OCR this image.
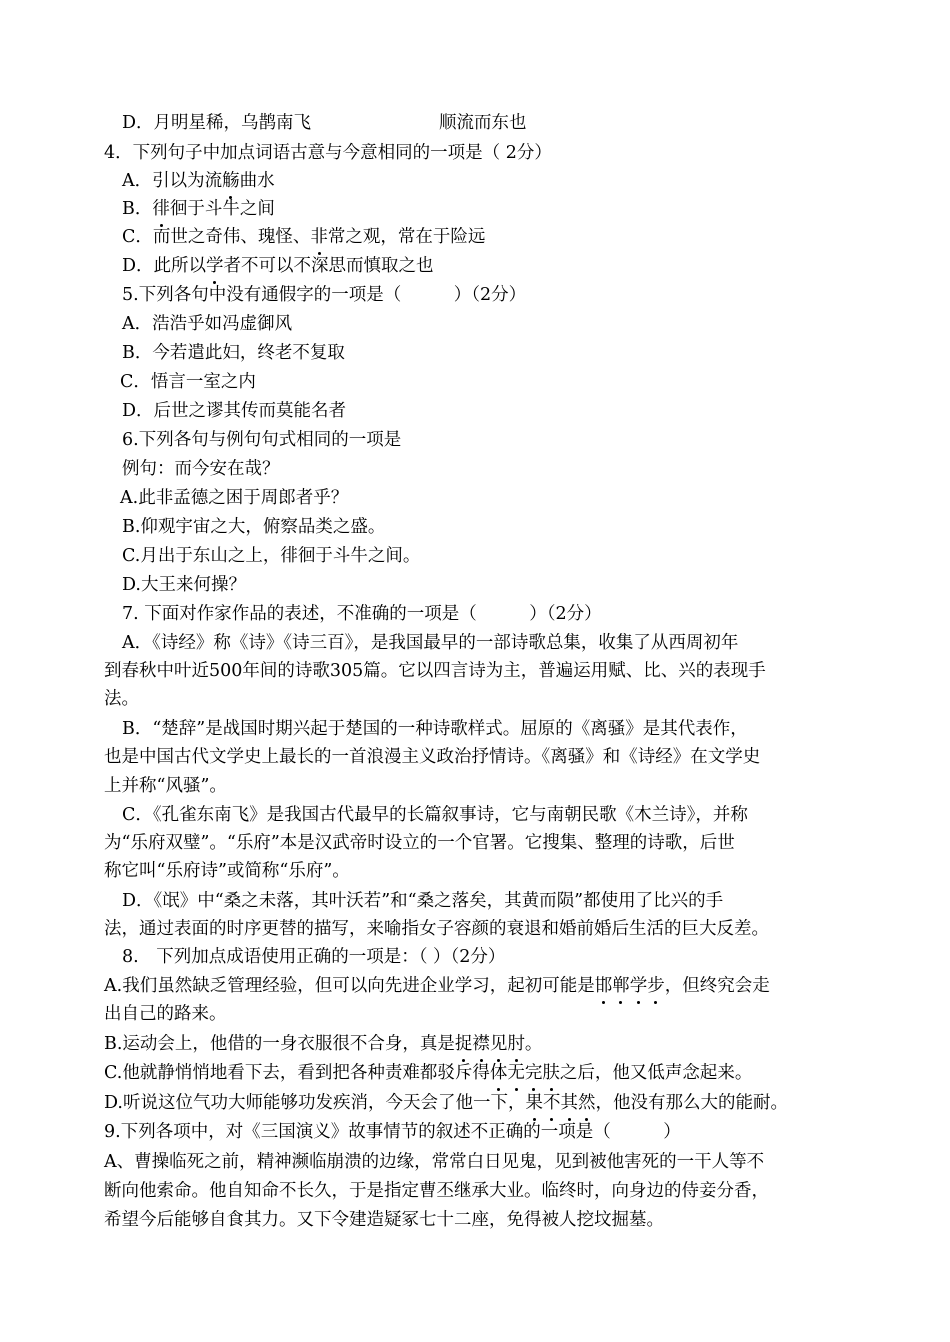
D．月明星稀，乌鹊南飞	顺流而东也
4．下列句子中加点词语古意与今意相同的一项是（ 2分）
A．引以为流觞曲水
B．徘徊于斗牛之间
C．而世之奇伟、瑰怪、非常之观，常在于险远
D．此所以学者不可以不深思而慎取之也
5.下列各句中没有通假字的一项是（　　　）（2分）
A．浩浩乎如冯虚御风
B．今若遣此妇，终老不复取
C．悟言一室之内
D．后世之谬其传而莫能名者
6.下列各句与例句句式相同的一项是
例句：而今安在哉？
A.此非孟德之困于周郎者乎？
B.仰观宇宙之大，俯察品类之盛。
C.月出于东山之上，徘徊于斗牛之间。
D.大王来何操？
7. 下面对作家作品的表述，不准确的一项是（　　　）（2分）
A．《诗经》称《诗》《诗三百》，是我国最早的一部诗歌总集，收集了从西周初年
到春秋中叶近500年间的诗歌305篇。它以四言诗为主，普遍运用赋、比、兴的表现手
法。
B．“楚辞”是战国时期兴起于楚国的一种诗歌样式。屈原的《离骚》是其代表作，
也是中国古代文学史上最长的一首浪漫主义政治抒情诗。《离骚》和《诗经》在文学史
上并称“风骚”。
C．《孔雀东南飞》是我国古代最早的长篇叙事诗，它与南朝民歌《木兰诗》，并称
为“乐府双璧”。“乐府”本是汉武帝时设立的一个官署。它搜集、整理的诗歌，后世
称它叫“乐府诗”或简称“乐府”。
D．《氓》中“桑之未落，其叶沃若”和“桑之落矣，其黄而陨”都使用了比兴的手
法，通过表面的时序更替的描写，来喻指女子容颜的衰退和婚前婚后生活的巨大反差。
8.　下列加点成语使用正确的一项是：（ ）（2分）
A.我们虽然缺乏管理经验，但可以向先进企业学习，起初可能是邯郸学步，但终究会走
出自己的路来。
B.运动会上，他借的一身衣服很不合身，真是捉襟见肘。
C.他就静悄悄地看下去，看到把各种责难都驳斥得体无完肤之后，他又低声念起来。
D.听说这位气功大师能够功发疾消，今天会了他一下，果不其然，他没有那么大的能耐。
9.下列各项中，对《三国演义》故事情节的叙述不正确的一项是（　　　）
A、曹操临死之前，精神濒临崩溃的边缘，常常白日见鬼，见到被他害死的一干人等不
断向他索命。他自知命不长久，于是指定曹丕继承大业。临终时，向身边的侍妾分香，
希望今后能够自食其力。又下令建造疑冢七十二座，免得被人挖坟掘墓。
